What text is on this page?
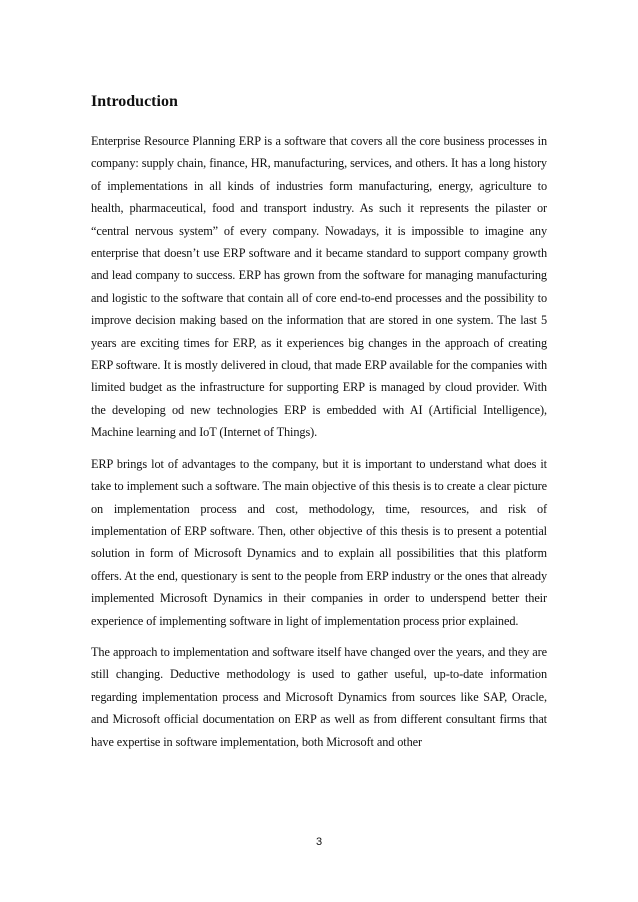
Introduction

Enterprise Resource Planning ERP is a software that covers all the core business processes in company: supply chain, finance, HR, manufacturing, services, and others. It has a long history of implementations in all kinds of industries form manufacturing, energy, agriculture to health, pharmaceutical, food and transport industry. As such it represents the pilaster or “central nervous system” of every company. Nowadays, it is impossible to imagine any enterprise that doesn’t use ERP software and it became standard to support company growth and lead company to success. ERP has grown from the software for managing manufacturing and logistic to the software that contain all of core end-to-end processes and the possibility to improve decision making based on the information that are stored in one system. The last 5 years are exciting times for ERP, as it experiences big changes in the approach of creating ERP software. It is mostly delivered in cloud, that made ERP available for the companies with limited budget as the infrastructure for supporting ERP is managed by cloud provider. With the developing od new technologies ERP is embedded with AI (Artificial Intelligence), Machine learning and IoT (Internet of Things).

ERP brings lot of advantages to the company, but it is important to understand what does it take to implement such a software. The main objective of this thesis is to create a clear picture on implementation process and cost, methodology, time, resources, and risk of implementation of ERP software. Then, other objective of this thesis is to present a potential solution in form of Microsoft Dynamics and to explain all possibilities that this platform offers. At the end, questionary is sent to the people from ERP industry or the ones that already implemented Microsoft Dynamics in their companies in order to underspend better their experience of implementing software in light of implementation process prior explained.

The approach to implementation and software itself have changed over the years, and they are still changing. Deductive methodology is used to gather useful, up-to-date information regarding implementation process and Microsoft Dynamics from sources like SAP, Oracle, and Microsoft official documentation on ERP as well as from different consultant firms that have expertise in software implementation, both Microsoft and other

3
